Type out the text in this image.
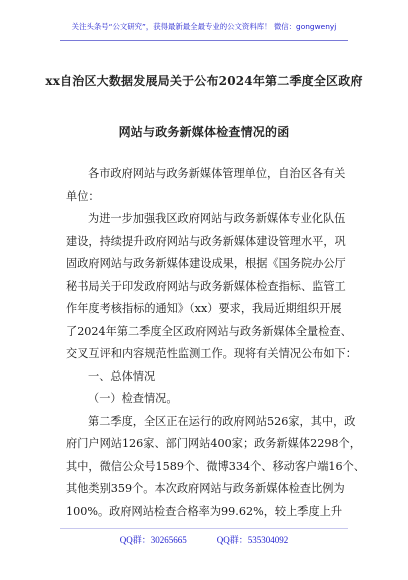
关注头条号“公文研究”，获得最新最全最专业的公文资料库！ 微信：gongwenyj
xx自治区大数据发展局关于公布2024年第二季度全区政府
网站与政务新媒体检查情况的函
各市政府网站与政务新媒体管理单位，自治区各有关
单位：
为进一步加强我区政府网站与政务新媒体专业化队伍
建设，持续提升政府网站与政务新媒体建设管理水平，巩
固政府网站与政务新媒体建设成果，根据《国务院办公厅
秘书局关于印发政府网站与政务新媒体检查指标、监管工
作年度考核指标的通知》（xx）要求，我局近期组织开展
了2024年第二季度全区政府网站与政务新媒体全量检查、
交叉互评和内容规范性监测工作。现将有关情况公布如下：
一、总体情况
（一）检查情况。
第二季度，全区正在运行的政府网站526家，其中，政
府门户网站126家、部门网站400家；政务新媒体2298个，
其中，微信公众号1589个、微博334个、移动客户端16个、
其他类别359个。本次政府网站与政务新媒体检查比例为
100%。政府网站检查合格率为99.62%，较上季度上升
QQ群：30265665	QQ群：535304092
